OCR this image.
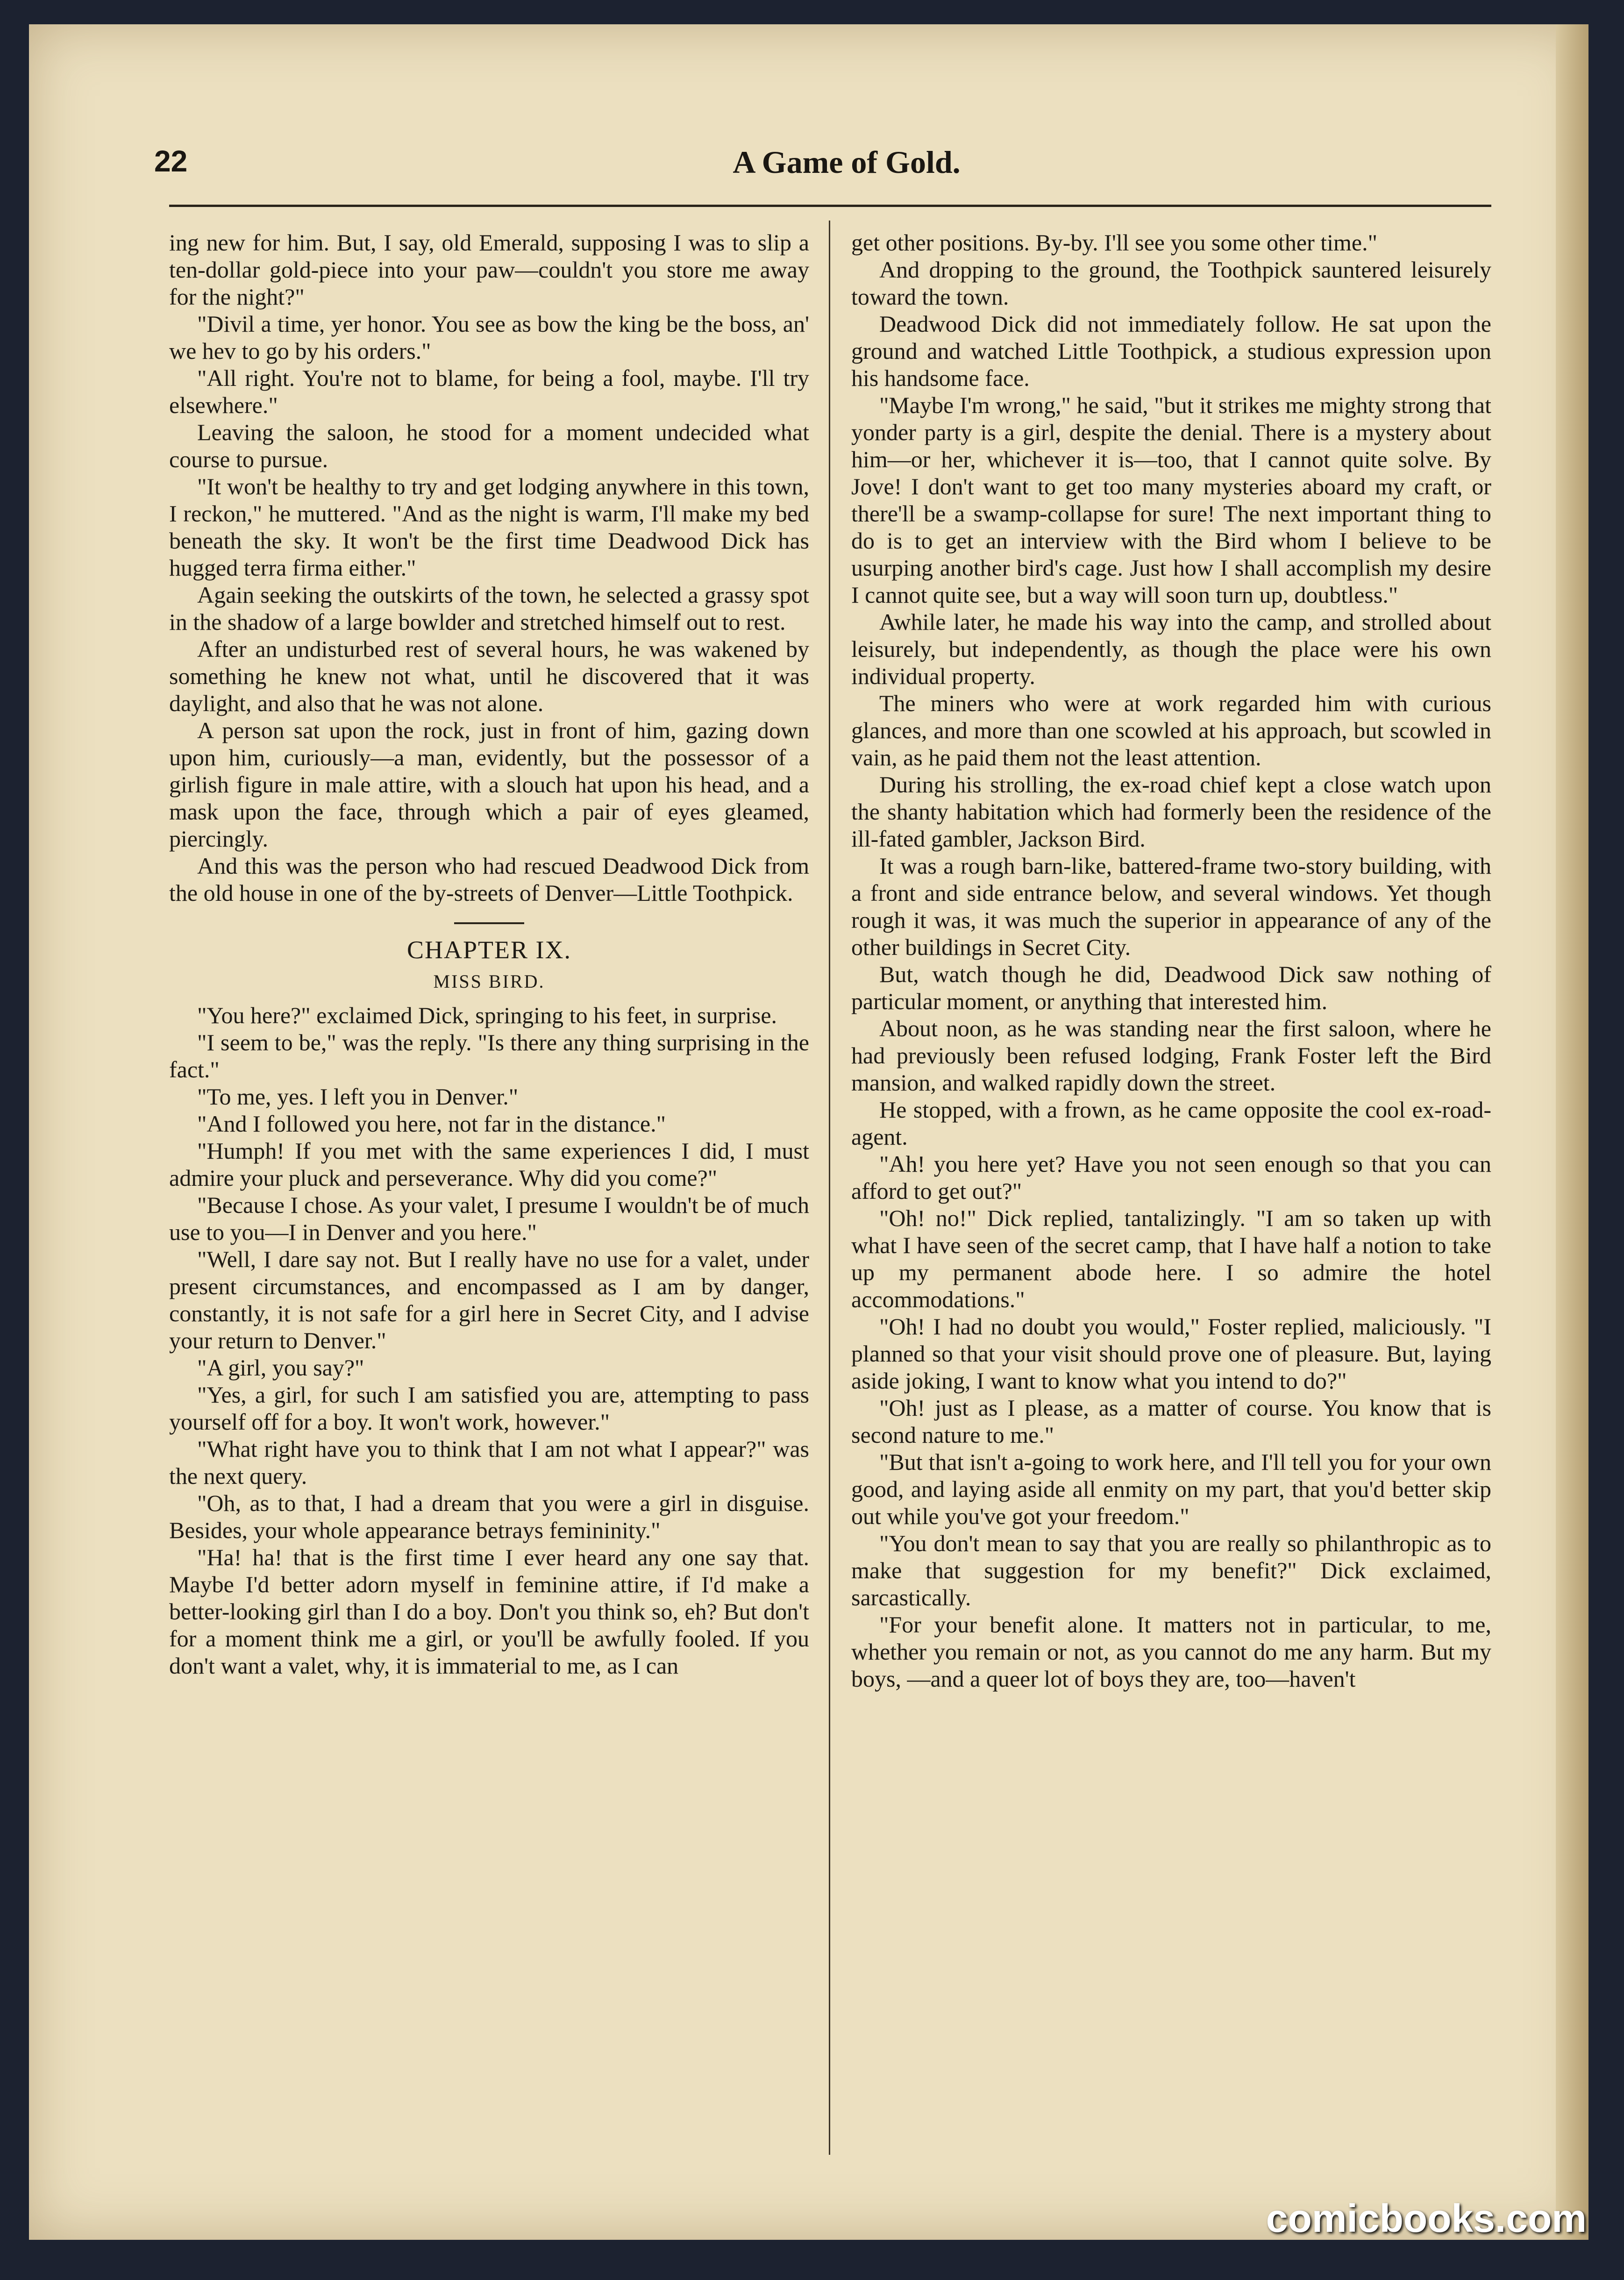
22	A Game of Gold.

ing new for him. But, I say, old Emerald, supposing I was to slip a ten-dollar gold-piece into your paw—couldn't you store me away for the night?"

"Divil a time, yer honor. You see as bow the king be the boss, an' we hev to go by his orders."

"All right. You're not to blame, for being a fool, maybe. I'll try elsewhere."

Leaving the saloon, he stood for a moment undecided what course to pursue.

"It won't be healthy to try and get lodging anywhere in this town, I reckon," he muttered. "And as the night is warm, I'll make my bed beneath the sky. It won't be the first time Deadwood Dick has hugged terra firma either."

Again seeking the outskirts of the town, he selected a grassy spot in the shadow of a large bowlder and stretched himself out to rest.

After an undisturbed rest of several hours, he was wakened by something he knew not what, until he discovered that it was daylight, and also that he was not alone.

A person sat upon the rock, just in front of him, gazing down upon him, curiously—a man, evidently, but the possessor of a girlish figure in male attire, with a slouch hat upon his head, and a mask upon the face, through which a pair of eyes gleamed, piercingly.

And this was the person who had rescued Deadwood Dick from the old house in one of the by-streets of Denver—Little Toothpick.

CHAPTER IX.
MISS BIRD.

"You here?" exclaimed Dick, springing to his feet, in surprise.

"I seem to be," was the reply. "Is there any thing surprising in the fact."

"To me, yes. I left you in Denver."

"And I followed you here, not far in the distance."

"Humph! If you met with the same experiences I did, I must admire your pluck and perseverance. Why did you come?"

"Because I chose. As your valet, I presume I wouldn't be of much use to you—I in Denver and you here."

"Well, I dare say not. But I really have no use for a valet, under present circumstances, and encompassed as I am by danger, constantly, it is not safe for a girl here in Secret City, and I advise your return to Denver."

"A girl, you say?"

"Yes, a girl, for such I am satisfied you are, attempting to pass yourself off for a boy. It won't work, however."

"What right have you to think that I am not what I appear?" was the next query.

"Oh, as to that, I had a dream that you were a girl in disguise. Besides, your whole appearance betrays femininity."

"Ha! ha! that is the first time I ever heard any one say that. Maybe I'd better adorn myself in feminine attire, if I'd make a better-looking girl than I do a boy. Don't you think so, eh? But don't for a moment think me a girl, or you'll be awfully fooled. If you don't want a valet, why, it is immaterial to me, as I can

get other positions. By-by. I'll see you some other time."

And dropping to the ground, the Toothpick sauntered leisurely toward the town.

Deadwood Dick did not immediately follow. He sat upon the ground and watched Little Toothpick, a studious expression upon his handsome face.

"Maybe I'm wrong," he said, "but it strikes me mighty strong that yonder party is a girl, despite the denial. There is a mystery about him—or her, whichever it is—too, that I cannot quite solve. By Jove! I don't want to get too many mysteries aboard my craft, or there'll be a swamp-collapse for sure! The next important thing to do is to get an interview with the Bird whom I believe to be usurping another bird's cage. Just how I shall accomplish my desire I cannot quite see, but a way will soon turn up, doubtless."

Awhile later, he made his way into the camp, and strolled about leisurely, but independently, as though the place were his own individual property.

The miners who were at work regarded him with curious glances, and more than one scowled at his approach, but scowled in vain, as he paid them not the least attention.

During his strolling, the ex-road chief kept a close watch upon the shanty habitation which had formerly been the residence of the ill-fated gambler, Jackson Bird.

It was a rough barn-like, battered-frame two-story building, with a front and side entrance below, and several windows. Yet though rough it was, it was much the superior in appearance of any of the other buildings in Secret City.

But, watch though he did, Deadwood Dick saw nothing of particular moment, or anything that interested him.

About noon, as he was standing near the first saloon, where he had previously been refused lodging, Frank Foster left the Bird mansion, and walked rapidly down the street.

He stopped, with a frown, as he came opposite the cool ex-road-agent.

"Ah! you here yet? Have you not seen enough so that you can afford to get out?"

"Oh! no!" Dick replied, tantalizingly. "I am so taken up with what I have seen of the secret camp, that I have half a notion to take up my permanent abode here. I so admire the hotel accommodations."

"Oh! I had no doubt you would," Foster replied, maliciously. "I planned so that your visit should prove one of pleasure. But, laying aside joking, I want to know what you intend to do?"

"Oh! just as I please, as a matter of course. You know that is second nature to me."

"But that isn't a-going to work here, and I'll tell you for your own good, and laying aside all enmity on my part, that you'd better skip out while you've got your freedom."

"You don't mean to say that you are really so philanthropic as to make that suggestion for my benefit?" Dick exclaimed, sarcastically.

"For your benefit alone. It matters not in particular, to me, whether you remain or not, as you cannot do me any harm. But my boys, —and a queer lot of boys they are, too—haven't

comicbooks.com
